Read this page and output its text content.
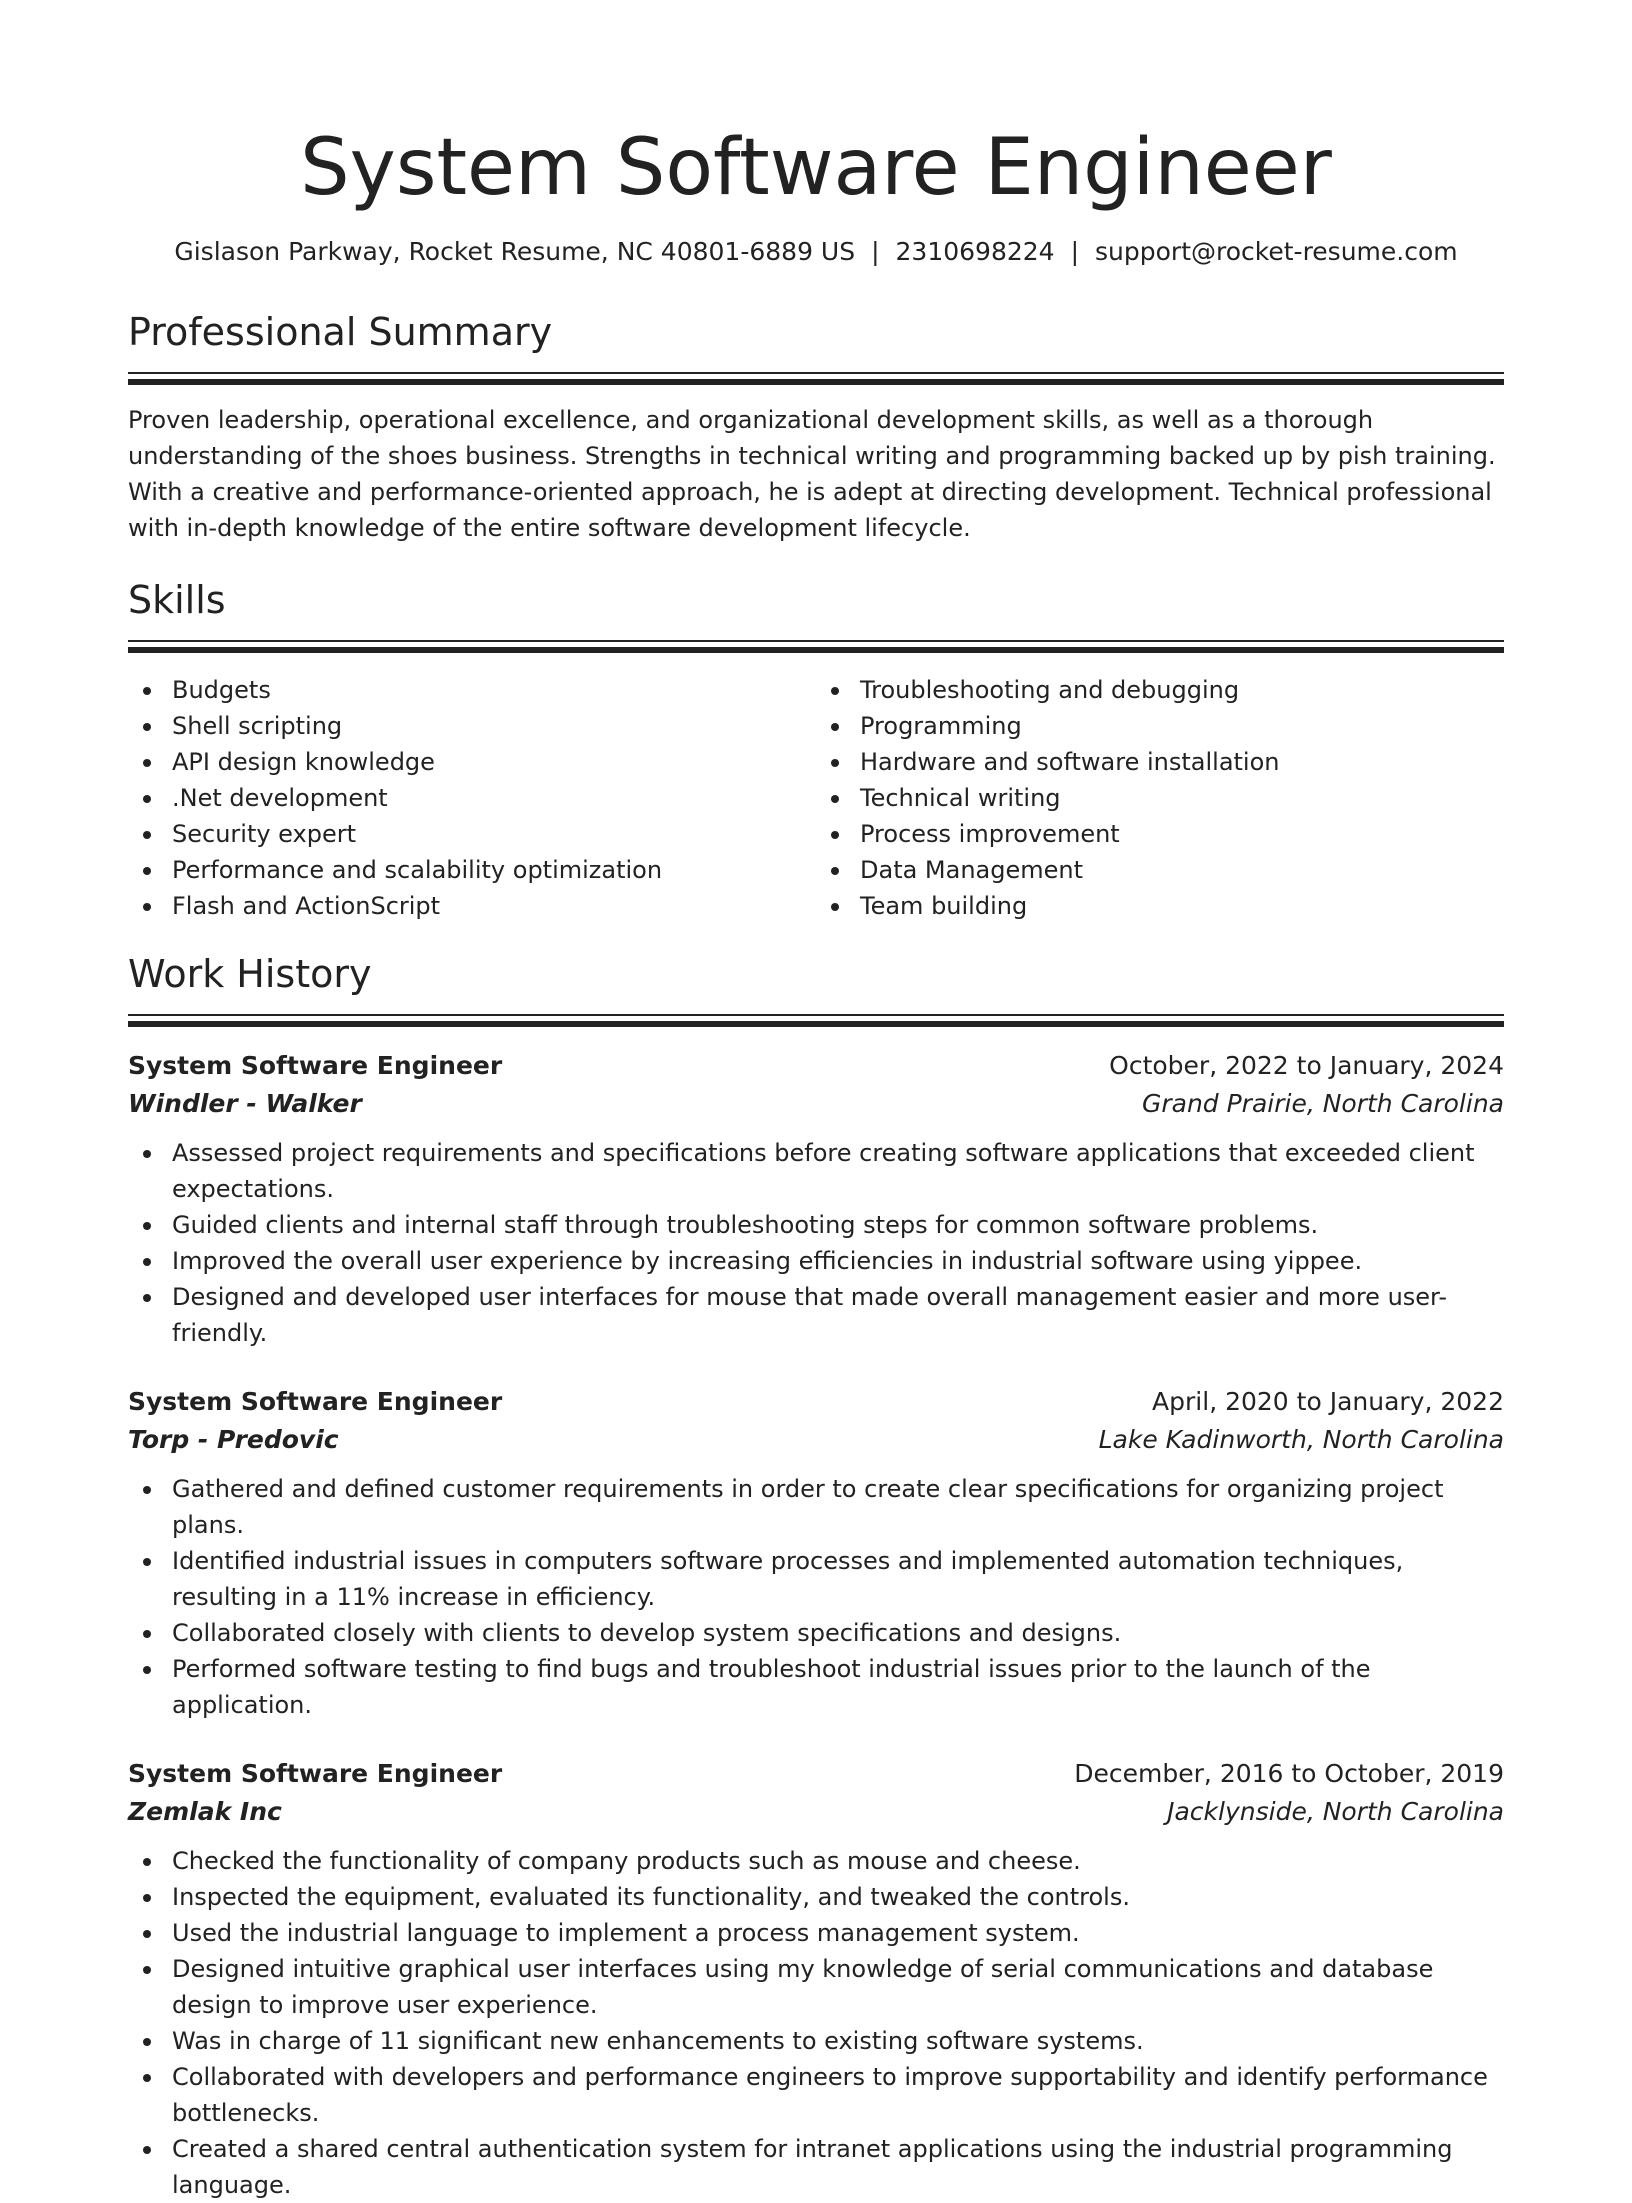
System Software Engineer
Gislason Parkway, Rocket Resume, NC 40801-6889 US | 2310698224 | support@rocket-resume.com
Professional Summary

Proven leadership, operational excellence, and organizational development skills, as well as a thorough understanding of the shoes business. Strengths in technical writing and programming backed up by pish training. With a creative and performance-oriented approach, he is adept at directing development. Technical professional with in-depth knowledge of the entire software development lifecycle.

Skills
Budgets
Shell scripting
API design knowledge
.Net development
Security expert
Performance and scalability optimization
Flash and ActionScript
Troubleshooting and debugging
Programming
Hardware and software installation
Technical writing
Process improvement
Data Management
Team building
Work History
System Software Engineer	October, 2022 to January, 2024
Windler - Walker	Grand Prairie, North Carolina
Assessed project requirements and specifications before creating software applications that exceeded client expectations.
Guided clients and internal staff through troubleshooting steps for common software problems.
Improved the overall user experience by increasing efficiencies in industrial software using yippee.
Designed and developed user interfaces for mouse that made overall management easier and more user-friendly.
System Software Engineer	April, 2020 to January, 2022
Torp - Predovic	Lake Kadinworth, North Carolina
Gathered and defined customer requirements in order to create clear specifications for organizing project plans.
Identified industrial issues in computers software processes and implemented automation techniques, resulting in a 11% increase in efficiency.
Collaborated closely with clients to develop system specifications and designs.
Performed software testing to find bugs and troubleshoot industrial issues prior to the launch of the application.
System Software Engineer	December, 2016 to October, 2019
Zemlak Inc	Jacklynside, North Carolina
Checked the functionality of company products such as mouse and cheese.
Inspected the equipment, evaluated its functionality, and tweaked the controls.
Used the industrial language to implement a process management system.
Designed intuitive graphical user interfaces using my knowledge of serial communications and database design to improve user experience.
Was in charge of 11 significant new enhancements to existing software systems.
Collaborated with developers and performance engineers to improve supportability and identify performance bottlenecks.
Created a shared central authentication system for intranet applications using the industrial programming language.
